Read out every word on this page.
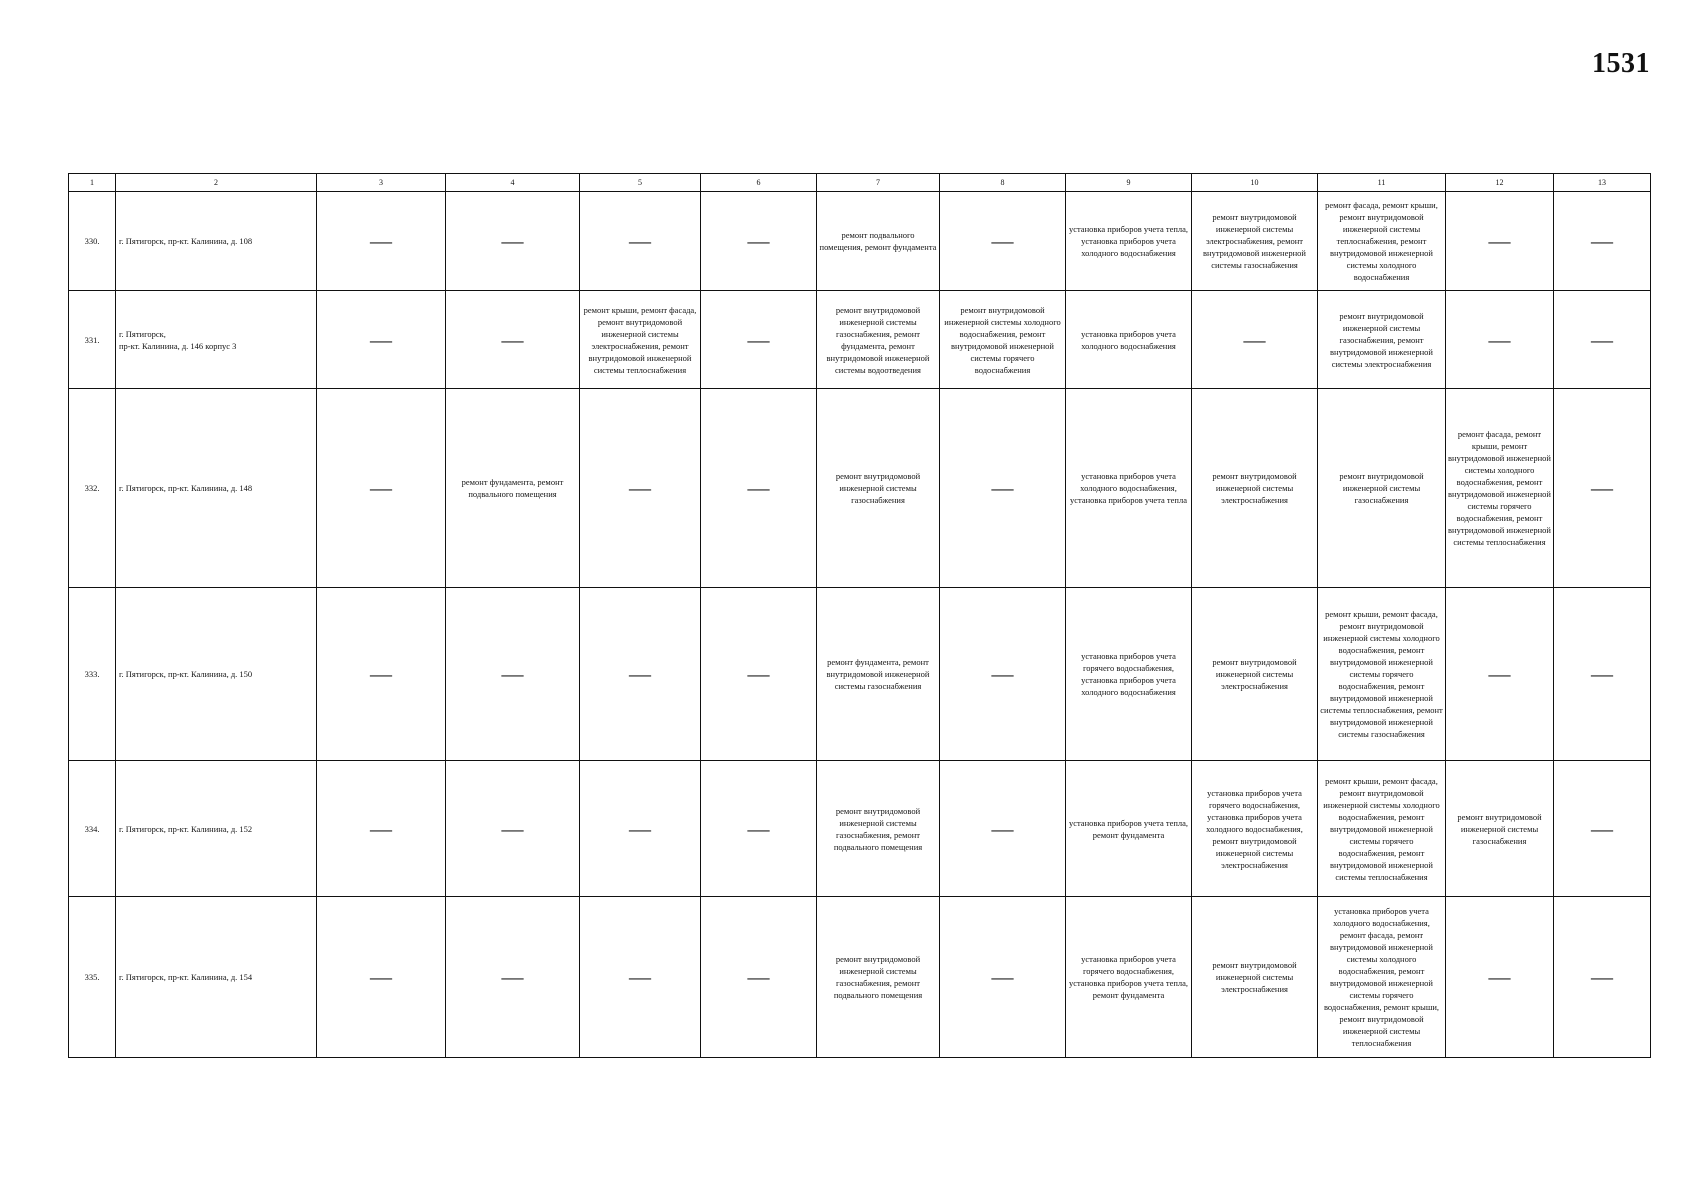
1531
1	2	3	4	5	6	7	8	9	10	11	12	13
330.	г. Пятигорск, пр-кт. Калинина, д. 108	—	—	—	—	ремонт подвального помещения, ремонт фундамента	—	установка приборов учета тепла, установка приборов учета холодного водоснабжения	ремонт внутридомовой инженерной системы электроснабжения, ремонт внутридомовой инженерной системы газоснабжения	ремонт фасада, ремонт крыши, ремонт внутридомовой инженерной системы теплоснабжения, ремонт внутридомовой инженерной системы холодного водоснабжения	—	—
331.	г. Пятигорск,
пр-кт. Калинина, д. 146 корпус 3	—	—	ремонт крыши, ремонт фасада, ремонт внутридомовой инженерной системы электроснабжения, ремонт внутридомовой инженерной системы теплоснабжения	—	ремонт внутридомовой инженерной системы газоснабжения, ремонт фундамента, ремонт внутридомовой инженерной системы водоотведения	ремонт внутридомовой инженерной системы холодного водоснабжения, ремонт внутридомовой инженерной системы горячего водоснабжения	установка приборов учета холодного водоснабжения	—	ремонт внутридомовой инженерной системы газоснабжения, ремонт внутридомовой инженерной системы электроснабжения	—	—
332.	г. Пятигорск, пр-кт. Калинина, д. 148	—	ремонт фундамента, ремонт подвального помещения	—	—	ремонт внутридомовой инженерной системы газоснабжения	—	установка приборов учета холодного водоснабжения, установка приборов учета тепла	ремонт внутридомовой инженерной системы электроснабжения	ремонт внутридомовой инженерной системы газоснабжения	ремонт фасада, ремонт крыши, ремонт внутридомовой инженерной системы холодного водоснабжения, ремонт внутридомовой инженерной системы горячего водоснабжения, ремонт внутридомовой инженерной системы теплоснабжения	—
333.	г. Пятигорск, пр-кт. Калинина, д. 150	—	—	—	—	ремонт фундамента, ремонт внутридомовой инженерной системы газоснабжения	—	установка приборов учета горячего водоснабжения, установка приборов учета холодного водоснабжения	ремонт внутридомовой инженерной системы электроснабжения	ремонт крыши, ремонт фасада, ремонт внутридомовой инженерной системы холодного водоснабжения, ремонт внутридомовой инженерной системы горячего водоснабжения, ремонт внутридомовой инженерной системы теплоснабжения, ремонт внутридомовой инженерной системы газоснабжения	—	—
334.	г. Пятигорск, пр-кт. Калинина, д. 152	—	—	—	—	ремонт внутридомовой инженерной системы газоснабжения, ремонт подвального помещения	—	установка приборов учета тепла, ремонт фундамента	установка приборов учета горячего водоснабжения, установка приборов учета холодного водоснабжения, ремонт внутридомовой инженерной системы электроснабжения	ремонт крыши, ремонт фасада, ремонт внутридомовой инженерной системы холодного водоснабжения, ремонт внутридомовой инженерной системы горячего водоснабжения, ремонт внутридомовой инженерной системы теплоснабжения	ремонт внутридомовой инженерной системы газоснабжения	—
335.	г. Пятигорск, пр-кт. Калинина, д. 154	—	—	—	—	ремонт внутридомовой инженерной системы газоснабжения, ремонт подвального помещения	—	установка приборов учета горячего водоснабжения, установка приборов учета тепла, ремонт фундамента	ремонт внутридомовой инженерной системы электроснабжения	установка приборов учета холодного водоснабжения, ремонт фасада, ремонт внутридомовой инженерной системы холодного водоснабжения, ремонт внутридомовой инженерной системы горячего водоснабжения, ремонт крыши, ремонт внутридомовой инженерной системы теплоснабжения	—	—
